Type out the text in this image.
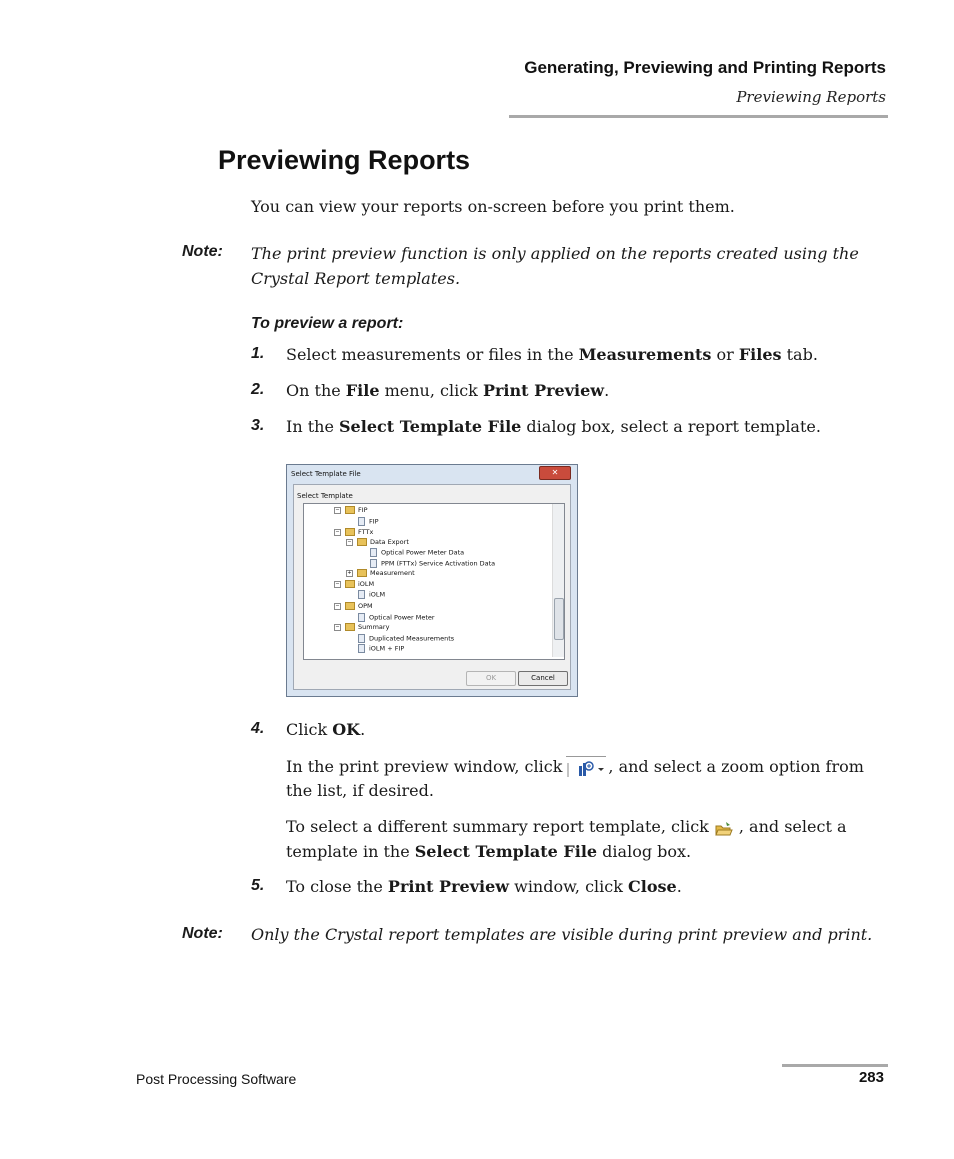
Generating, Previewing and Printing Reports
Previewing Reports
Previewing Reports
You can view your reports on-screen before you print them.
Note: The print preview function is only applied on the reports created using the Crystal Report templates.
To preview a report:
1. Select measurements or files in the Measurements or Files tab.
2. On the File menu, click Print Preview.
3. In the Select Template File dialog box, select a report template.
Select Template File	✕
Select Template
−	FIP
FIP
−	FTTx
−	Data Export
Optical Power Meter Data
PPM (FTTx) Service Activation Data
+	Measurement
−	iOLM
iOLM
−	OPM
Optical Power Meter
−	Summary
Duplicated Measurements
iOLM + FIP
OK	Cancel
4. Click OK.
In the print preview window, click	, and select a zoom option from
the list, if desired.
To select a different summary report template, click , and select a
template in the Select Template File dialog box.
5. To close the Print Preview window, click Close.
Note: Only the Crystal report templates are visible during print preview and print.
Post Processing Software	283
